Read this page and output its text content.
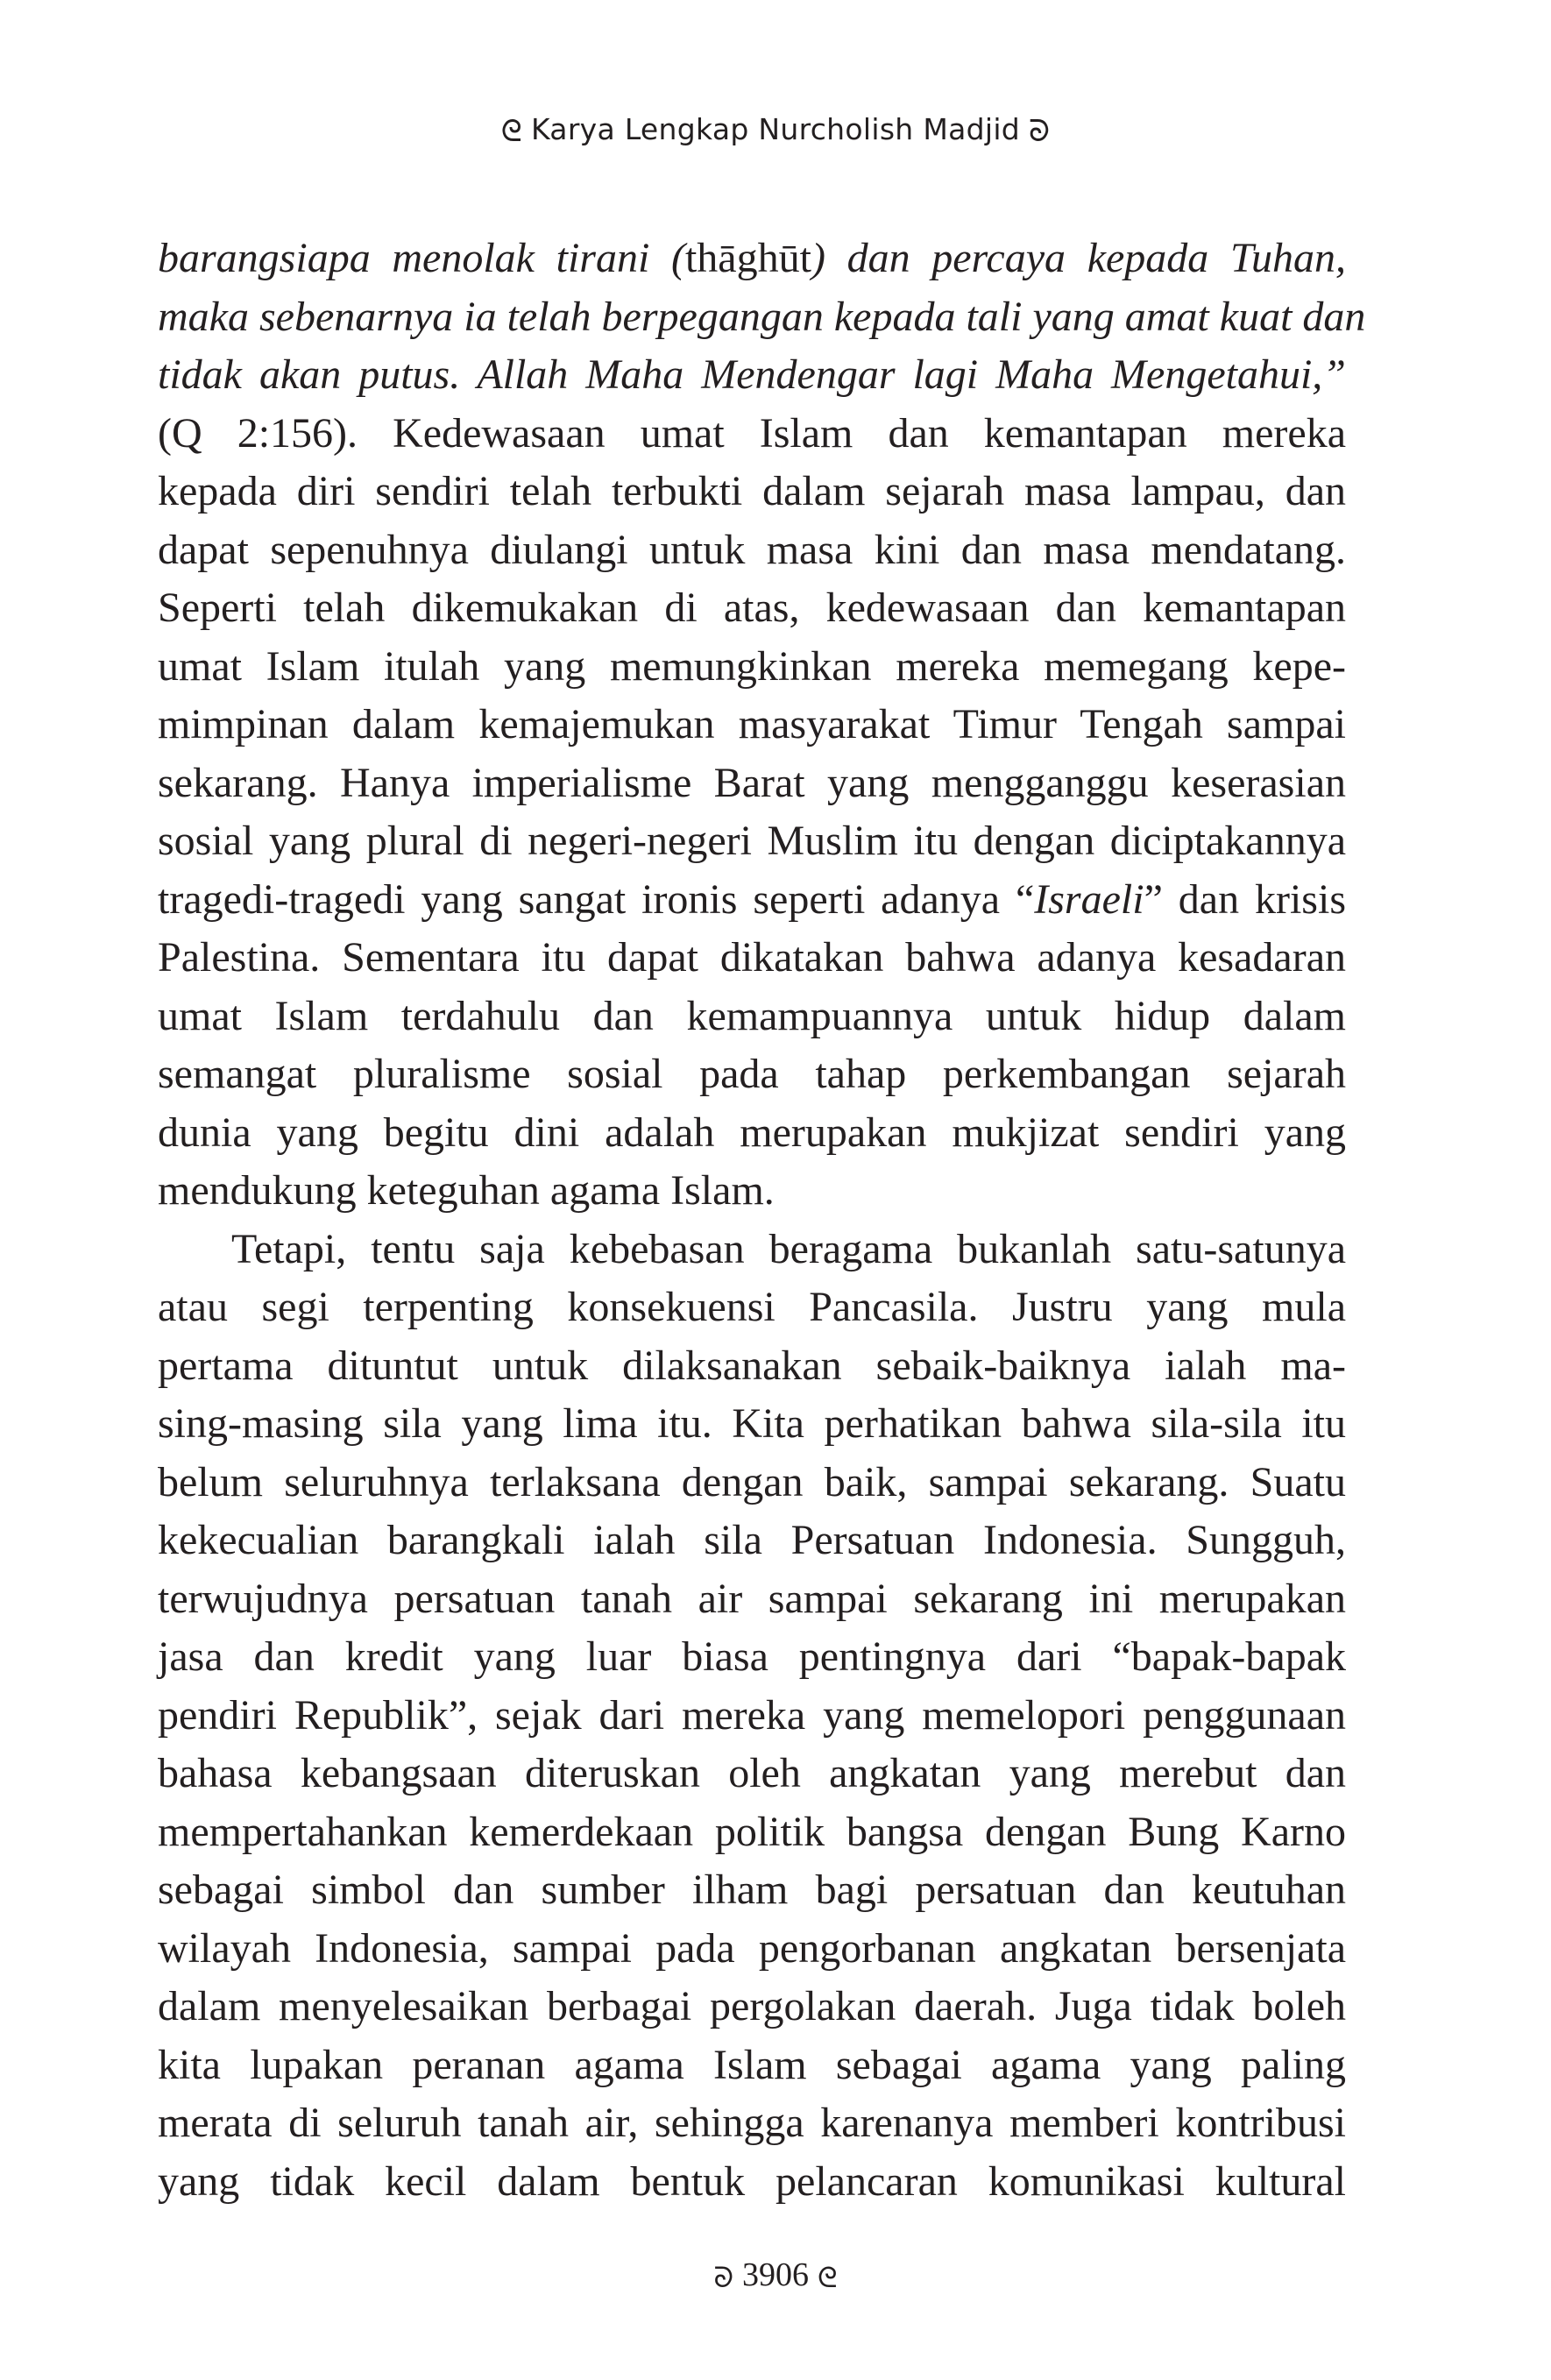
ᘓ Karya Lengkap Nurcholish Madjid ᘐ
barangsiapa menolak tirani (thāghūt) dan percaya kepada Tuhan,
maka sebenarnya ia telah berpegangan kepada tali yang amat kuat dan
tidak akan putus. Allah Maha Mendengar lagi Maha Mengetahui,”
(Q 2:156). Kedewasaan umat Islam dan kemantapan mereka
kepada diri sendiri telah terbukti dalam sejarah masa lampau, dan
dapat sepenuhnya diulangi untuk masa kini dan masa mendatang.
Seperti telah dikemukakan di atas, kedewasaan dan kemantapan
umat Islam itulah yang memungkinkan mereka memegang kepe-
mimpinan dalam kemajemukan masyarakat Timur Tengah sampai
sekarang. Hanya imperialisme Barat yang mengganggu keserasian
sosial yang plural di negeri-negeri Muslim itu dengan diciptakannya
tragedi-tragedi yang sangat ironis seperti adanya “Israeli” dan krisis
Palestina. Sementara itu dapat dikatakan bahwa adanya kesadaran
umat Islam terdahulu dan kemampuannya untuk hidup dalam
semangat pluralisme sosial pada tahap perkembangan sejarah
dunia yang begitu dini adalah merupakan mukjizat sendiri yang
mendukung keteguhan agama Islam.
Tetapi, tentu saja kebebasan beragama bukanlah satu-satunya
atau segi terpenting konsekuensi Pancasila. Justru yang mula
pertama dituntut untuk dilaksanakan sebaik-baiknya ialah ma-
sing-masing sila yang lima itu. Kita perhatikan bahwa sila-sila itu
belum seluruhnya terlaksana dengan baik, sampai sekarang. Suatu
kekecualian barangkali ialah sila Persatuan Indonesia. Sungguh,
terwujudnya persatuan tanah air sampai sekarang ini merupakan
jasa dan kredit yang luar biasa pentingnya dari “bapak-bapak
pendiri Republik”, sejak dari mereka yang memelopori penggunaan
bahasa kebangsaan diteruskan oleh angkatan yang merebut dan
mempertahankan kemerdekaan politik bangsa dengan Bung Karno
sebagai simbol dan sumber ilham bagi persatuan dan keutuhan
wilayah Indonesia, sampai pada pengorbanan angkatan bersenjata
dalam menyelesaikan berbagai pergolakan daerah. Juga tidak boleh
kita lupakan peranan agama Islam sebagai agama yang paling
merata di seluruh tanah air, sehingga karenanya memberi kontribusi
yang tidak kecil dalam bentuk pelancaran komunikasi kultural
ᘐ 3906 ᘓ
